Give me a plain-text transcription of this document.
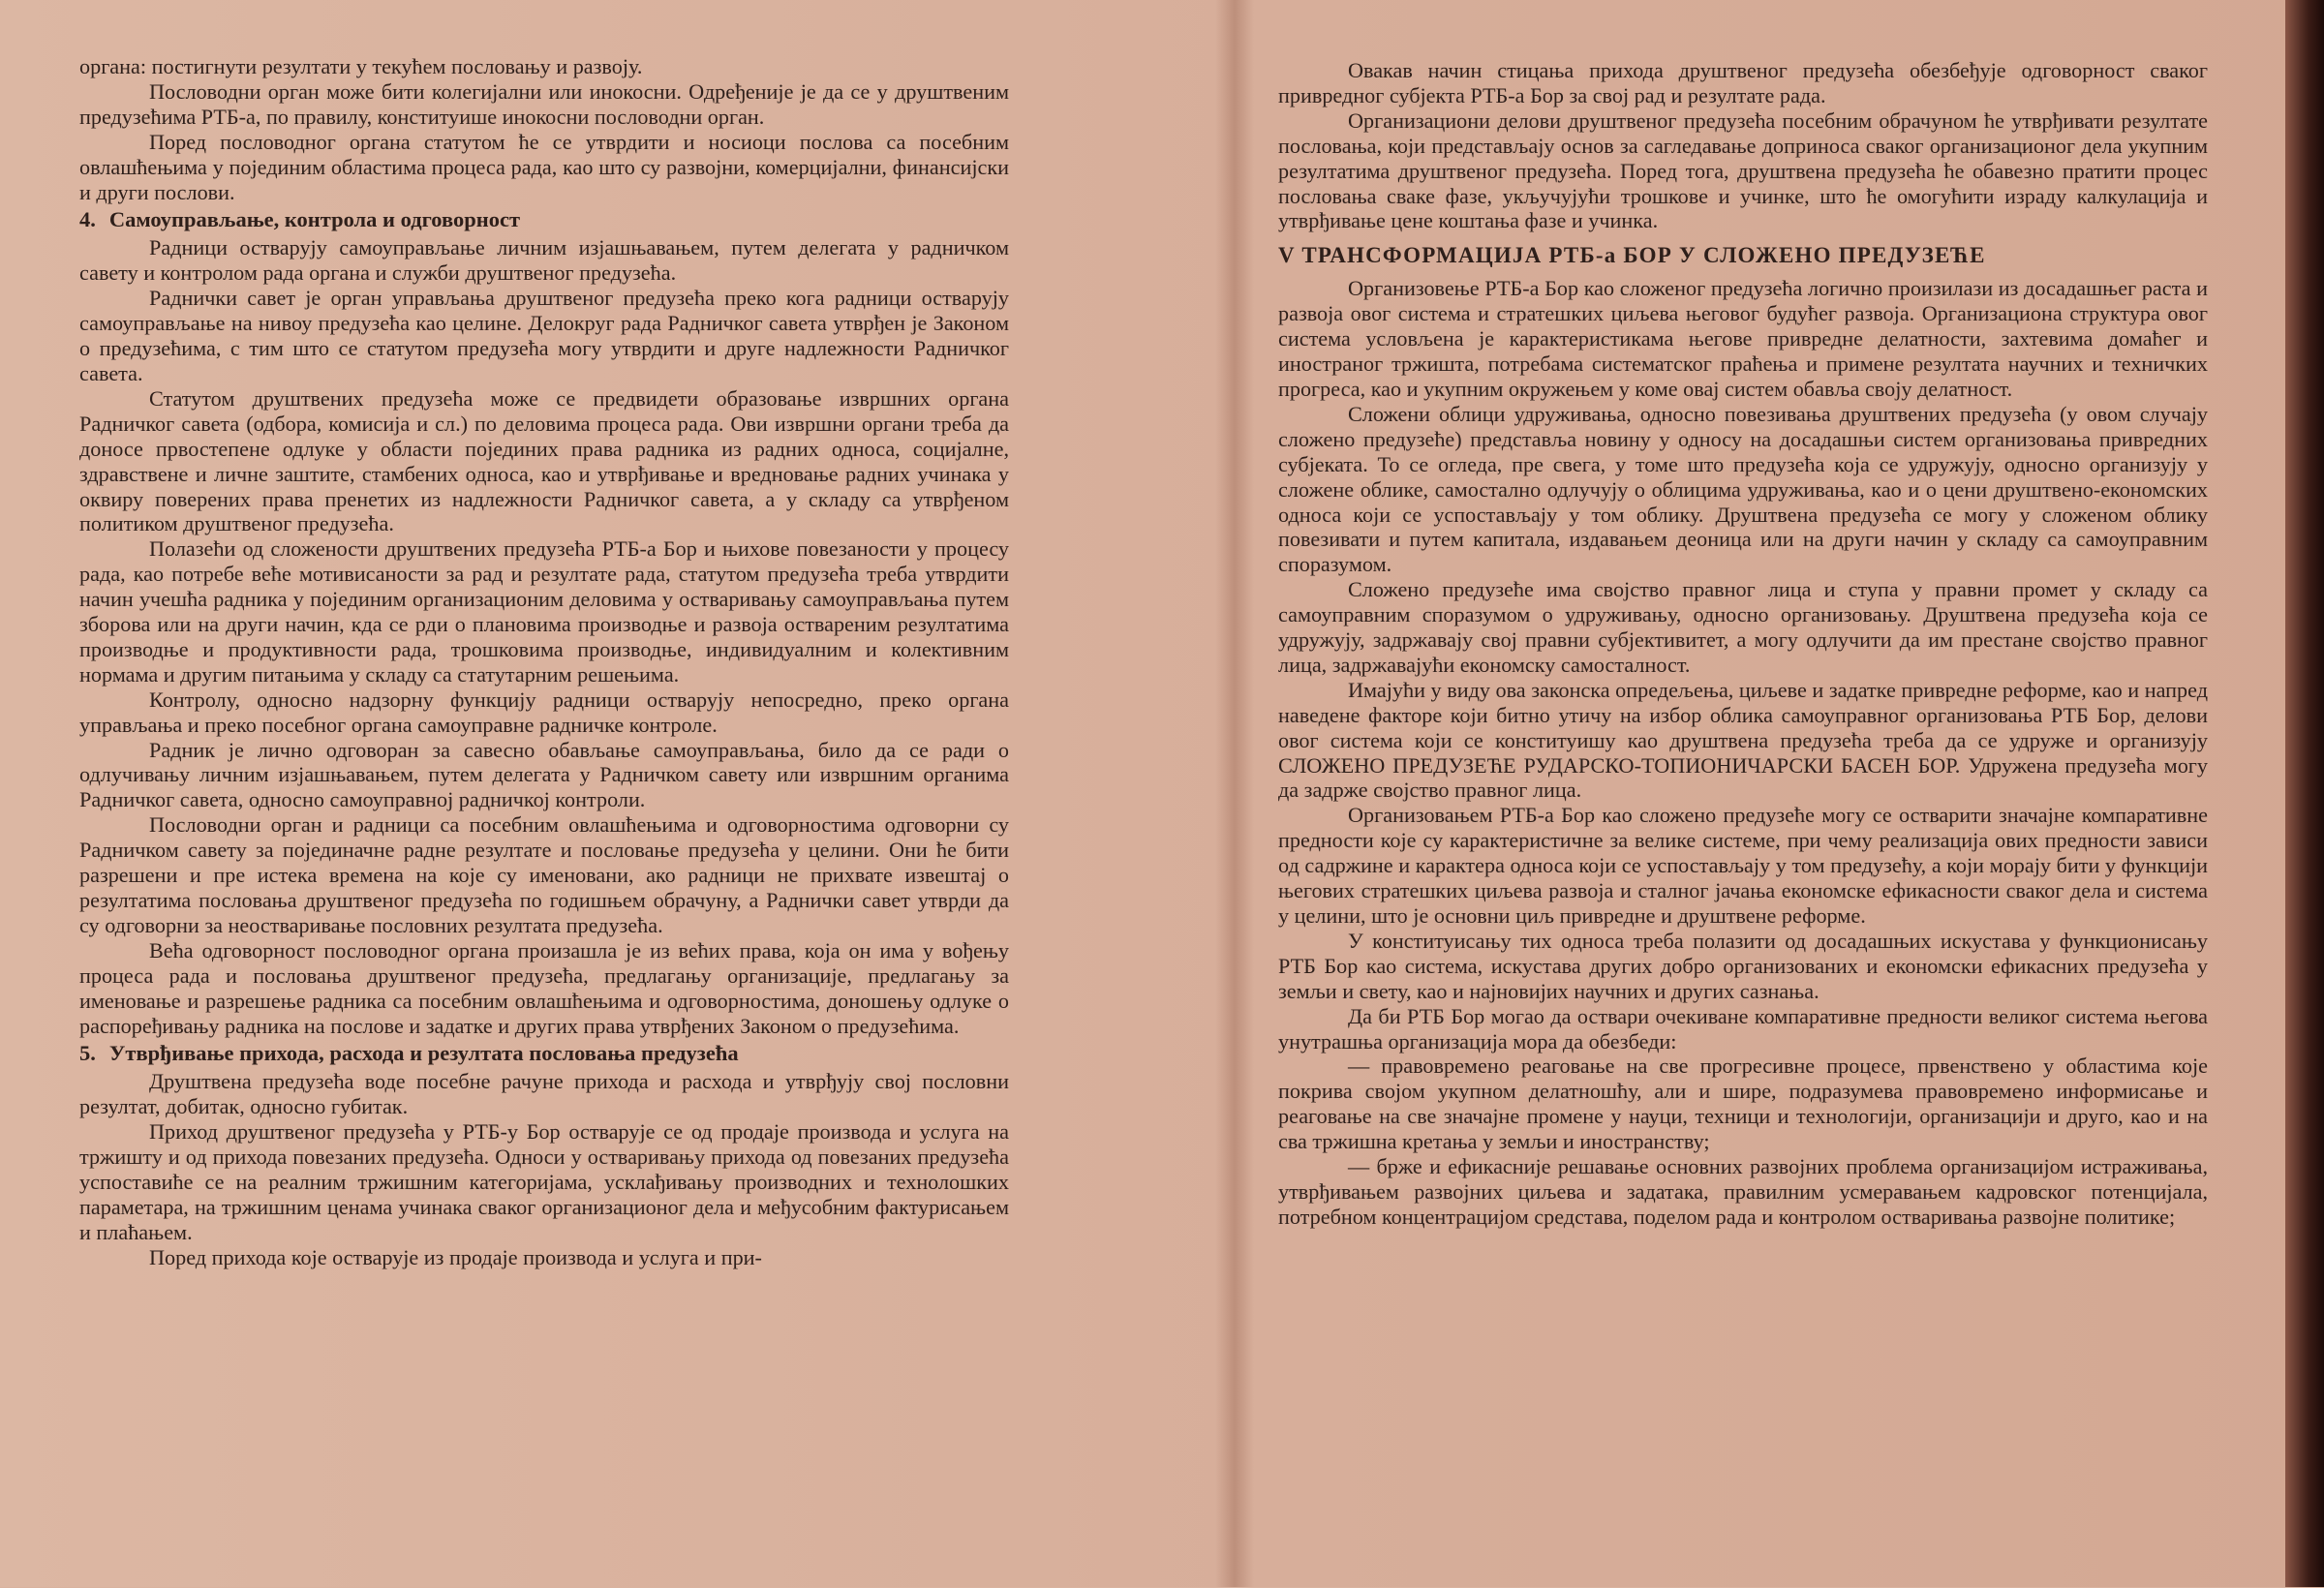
органа: постигнути резултати у текућем пословању и развоју.

Пословодни орган може бити колегијални или инокосни. Одређеније је да се у друштвеним предузећима РТБ-а, по правилу, конституише инокосни пословодни орган.

Поред пословодног органа статутом ће се утврдити и носиоци послова са посебним овлашћењима у појединим областима процеса рада, као што су развојни, комерцијални, финансијски и други послови.

4. Самоуправљање, контрола и одговорност

Радници остварују самоуправљање личним изјашњавањем, путем делегата у радничком савету и контролом рада органа и служби друштвеног предузећа.

Раднички савет је орган управљања друштвеног предузећа преко кога радници остварују самоуправљање на нивоу предузећа као целине. Делокруг рада Радничког савета утврђен је Законом о предузећима, с тим што се статутом предузећа могу утврдити и друге надлежности Радничког савета.

Статутом друштвених предузећа може се предвидети образовање извршних органа Радничког савета (одбора, комисија и сл.) по деловима процеса рада. Ови извршни органи треба да доносе првостепене одлуке у области појединих права радника из радних односа, социјалне, здравствене и личне заштите, стамбених односа, као и утврђивање и вредновање радних учинака у оквиру поверених права пренетих из надлежности Радничког савета, а у складу са утврђеном политиком друштвеног предузећа.

Полазећи од сложености друштвених предузећа РТБ-а Бор и њихове повезаности у процесу рада, као потребе веће мотивисаности за рад и резултате рада, статутом предузећа треба утврдити начин учешћа радника у појединим организационим деловима у остваривању самоуправљања путем зборова или на други начин, кда се рди о плановима производње и развоја оствареним резултатима производње и продуктивности рада, трошковима производње, индивидуалним и колективним нормама и другим питањима у складу са статутарним решењима.

Контролу, односно надзорну функцију радници остварују непосредно, преко органа управљања и преко посебног органа самоуправне радничке контроле.

Радник је лично одговоран за савесно обављање самоуправљања, било да се ради о одлучивању личним изјашњавањем, путем делегата у Радничком савету или извршним органима Радничког савета, односно самоуправној радничкој контроли.

Пословодни орган и радници са посебним овлашћењима и одговорностима одговорни су Радничком савету за појединачне радне резултате и пословање предузећа у целини. Они ће бити разрешени и пре истека времена на које су именовани, ако радници не прихвате извештај о резултатима пословања друштвеног предузећа по годишњем обрачуну, а Раднички савет утврди да су одговорни за неостваривање пословних резултата предузећа.

Већа одговорност пословодног органа произашла је из већих права, која он има у вођењу процеса рада и пословања друштвеног предузећа, предлагању организације, предлагању за именовање и разрешење радника са посебним овлашћењима и одговорностима, доношењу одлуке о распоређивању радника на послове и задатке и других права утврђених Законом о предузећима.

5. Утврђивање прихода, расхода и резултата пословања предузећа

Друштвена предузећа воде посебне рачуне прихода и расхода и утврђују свој пословни резултат, добитак, односно губитак.

Приход друштвеног предузећа у РТБ-у Бор остварује се од продаје производа и услуга на тржишту и од прихода повезаних предузећа. Односи у остваривању прихода од повезаних предузећа успоставиће се на реалним тржишним категоријама, усклађивању производних и технолошких параметара, на тржишним ценама учинака сваког организационог дела и међусобним фактурисањем и плаћањем.

Поред прихода које остварује из продаје производа и услуга и при-

Овакав начин стицања прихода друштвеног предузећа обезбеђује одговорност сваког привредног субјекта РТБ-а Бор за свој рад и резултате рада.

Организациони делови друштвеног предузећа посебним обрачуном ће утврђивати резултате пословања, који представљају основ за сагледавање доприноса сваког организационог дела укупним резултатима друштвеног предузећа. Поред тога, друштвена предузећа ће обавезно пратити процес пословања сваке фазе, укључујући трошкове и учинке, што ће омогућити израду калкулација и утврђивање цене коштања фазе и учинка.

V ТРАНСФОРМАЦИЈА РТБ-а БОР У СЛОЖЕНО ПРЕДУЗЕЋЕ

Организовење РТБ-а Бор као сложеног предузећа логично произилази из досадашњег раста и развоја овог система и стратешких циљева његовог будућег развоја. Организациона структура овог система условљена је карактеристикама његове привредне делатности, захтевима домаћег и иностраног тржишта, потребама систематског праћења и примене резултата научних и техничких прогреса, као и укупним окружењем у коме овај систем обавља своју делатност.

Сложени облици удруживања, односно повезивања друштвених предузећа (у овом случају сложено предузеће) представља новину у односу на досадашњи систем организовања привредних субјеката. То се огледа, пре свега, у томе што предузећа која се удружују, односно организују у сложене облике, самостално одлучују о облицима удруживања, као и о цени друштвено-економских односа који се успостављају у том облику. Друштвена предузећа се могу у сложеном облику повезивати и путем капитала, издавањем деоница или на други начин у складу са самоуправним споразумом.

Сложено предузеће има својство правног лица и ступа у правни промет у складу са самоуправним споразумом о удруживању, односно организовању. Друштвена предузећа која се удружују, задржавају свој правни субјективитет, а могу одлучити да им престане својство правног лица, задржавајући економску самосталност.

Имајући у виду ова законска опредељења, циљеве и задатке привредне реформе, као и напред наведене факторе који битно утичу на избор облика самоуправног организовања РТБ Бор, делови овог система који се конституишу као друштвена предузећа треба да се удруже и организују СЛОЖЕНО ПРЕДУЗЕЋЕ РУДАРСКО-ТОПИОНИЧАРСКИ БАСЕН БОР. Удружена предузећа могу да задрже својство правног лица.

Организовањем РТБ-а Бор као сложено предузеће могу се остварити значајне компаративне предности које су карактеристичне за велике системе, при чему реализација ових предности зависи од садржине и карактера односа који се успостављају у том предузећу, а који морају бити у функцији његових стратешких циљева развоја и сталног јачања економске ефикасности сваког дела и система у целини, што је основни циљ привредне и друштвене реформе.

У конституисању тих односа треба полазити од досадашњих искустава у функционисању РТБ Бор као система, искустава других добро организованих и економски ефикасних предузећа у земљи и свету, као и најновијих научних и других сазнања.

Да би РТБ Бор могао да оствари очекиване компаративне предности великог система његова унутрашња организација мора да обезбеди:

— правовремено реаговање на све прогресивне процесе, првенствено у областима које покрива својом укупном делатношћу, али и шире, подразумева правовремено информисање и реаговање на све значајне промене у науци, техници и технологији, организацији и друго, као и на сва тржишна кретања у земљи и иностранству;

— брже и ефикасније решавање основних развојних проблема организацијом истраживања, утврђивањем развојних циљева и задатака, правилним усмеравањем кадровског потенцијала, потребном концентрацијом средстава, поделом рада и контролом остваривања развојне политике;
